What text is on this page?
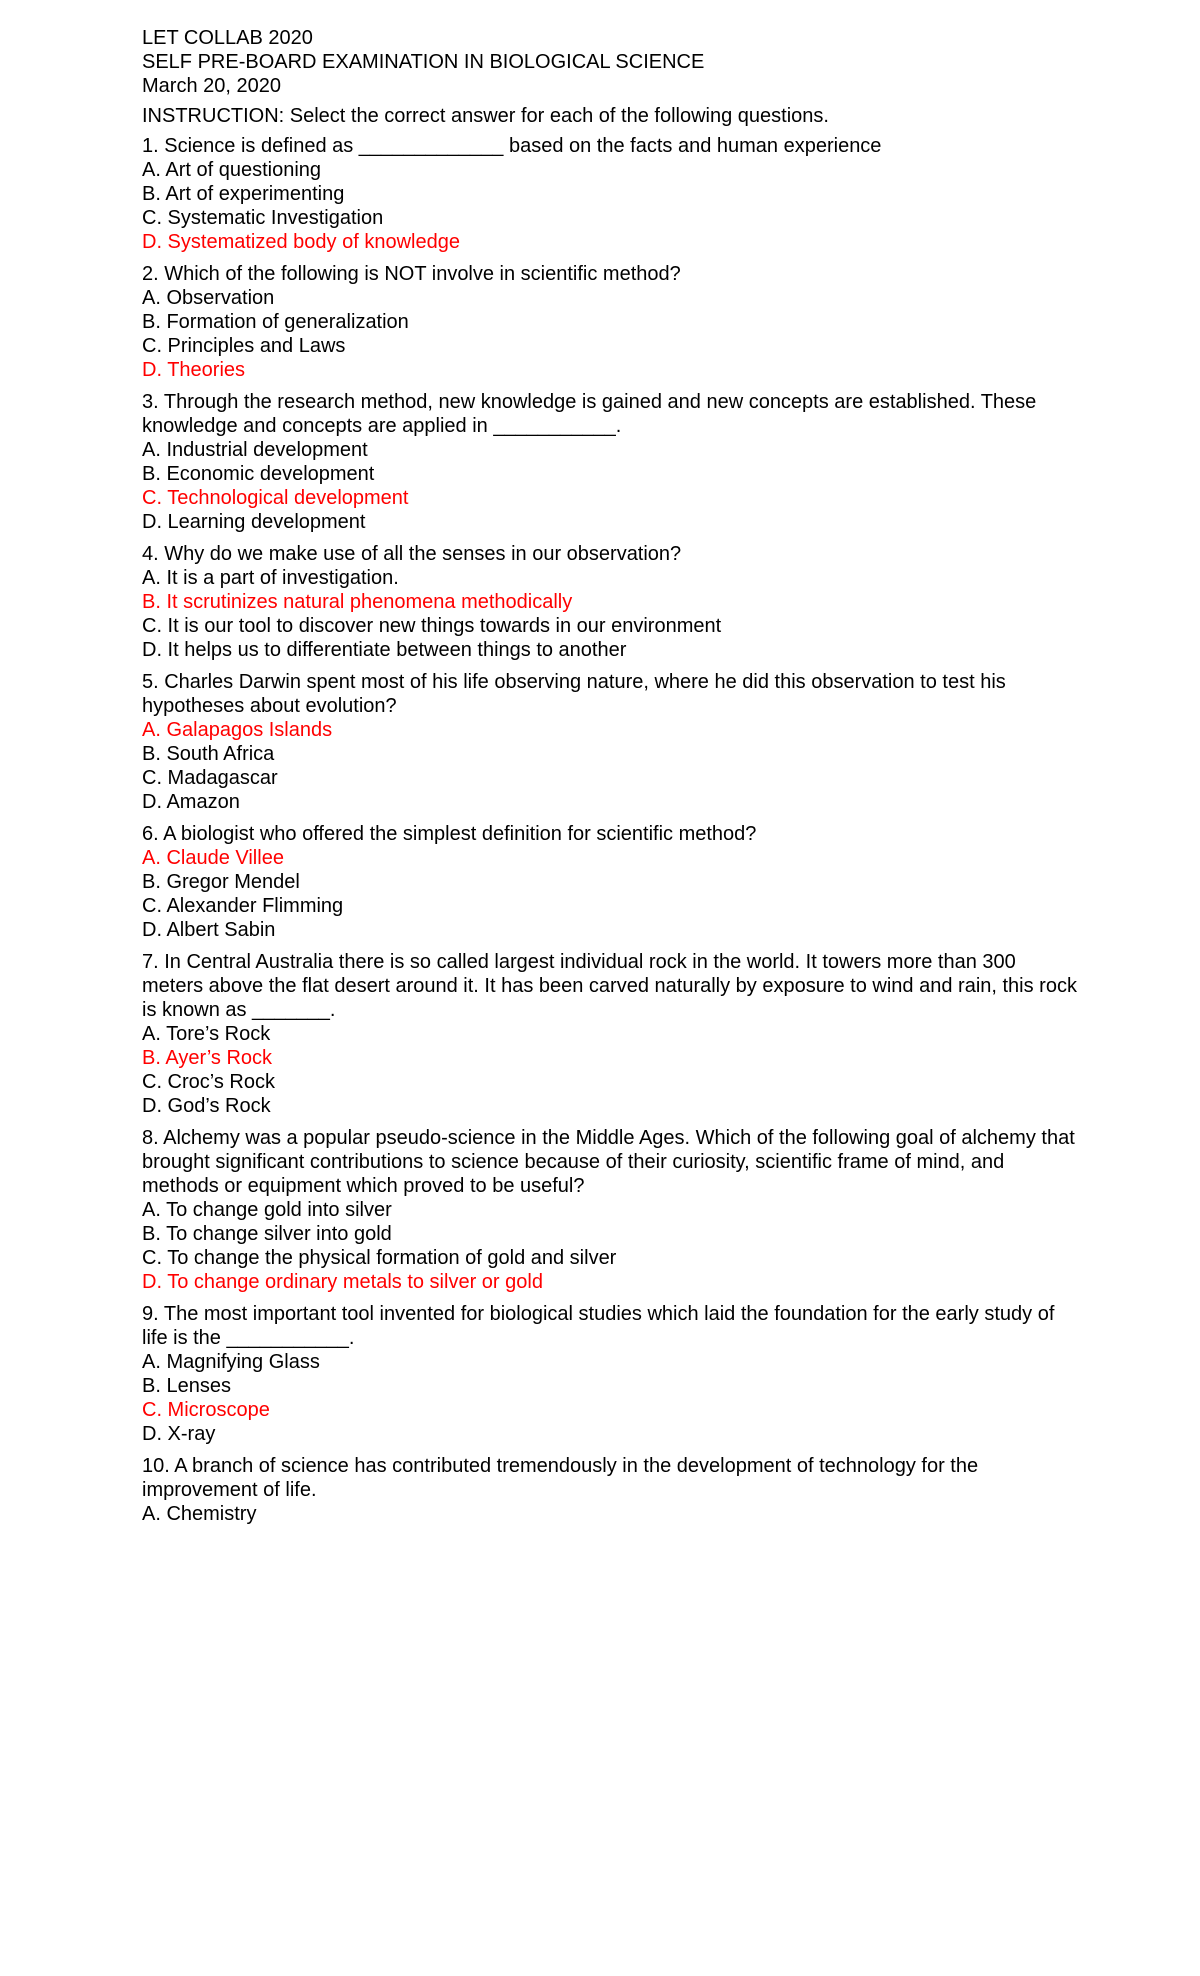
LET COLLAB 2020
SELF PRE-BOARD EXAMINATION IN BIOLOGICAL SCIENCE
March 20, 2020
INSTRUCTION: Select the correct answer for each of the following questions.
1. Science is defined as _____________ based on the facts and human experience
A. Art of questioning
B. Art of experimenting
C. Systematic Investigation
D. Systematized body of knowledge
2. Which of the following is NOT involve in scientific method?
A. Observation
B. Formation of generalization
C. Principles and Laws
D. Theories
3. Through the research method, new knowledge is gained and new concepts are established. These knowledge and concepts are applied in ___________.
A. Industrial development
B. Economic development
C. Technological development
D. Learning development
4. Why do we make use of all the senses in our observation?
A. It is a part of investigation.
B. It scrutinizes natural phenomena methodically
C. It is our tool to discover new things towards in our environment
D. It helps us to differentiate between things to another
5. Charles Darwin spent most of his life observing nature, where he did this observation to test his hypotheses about evolution?
A. Galapagos Islands
B. South Africa
C. Madagascar
D. Amazon
6. A biologist who offered the simplest definition for scientific method?
A. Claude Villee
B. Gregor Mendel
C. Alexander Flimming
D. Albert Sabin
7. In Central Australia there is so called largest individual rock in the world. It towers more than 300 meters above the flat desert around it. It has been carved naturally by exposure to wind and rain, this rock is known as _______.
A. Tore’s Rock
B. Ayer’s Rock
C. Croc’s Rock
D. God’s Rock
8. Alchemy was a popular pseudo-science in the Middle Ages. Which of the following goal of alchemy that brought significant contributions to science because of their curiosity, scientific frame of mind, and methods or equipment which proved to be useful?
A. To change gold into silver
B. To change silver into gold
C. To change the physical formation of gold and silver
D. To change ordinary metals to silver or gold
9. The most important tool invented for biological studies which laid the foundation for the early study of life is the ___________.
A. Magnifying Glass
B. Lenses
C. Microscope
D. X-ray
10. A branch of science has contributed tremendously in the development of technology for the improvement of life.
A. Chemistry
